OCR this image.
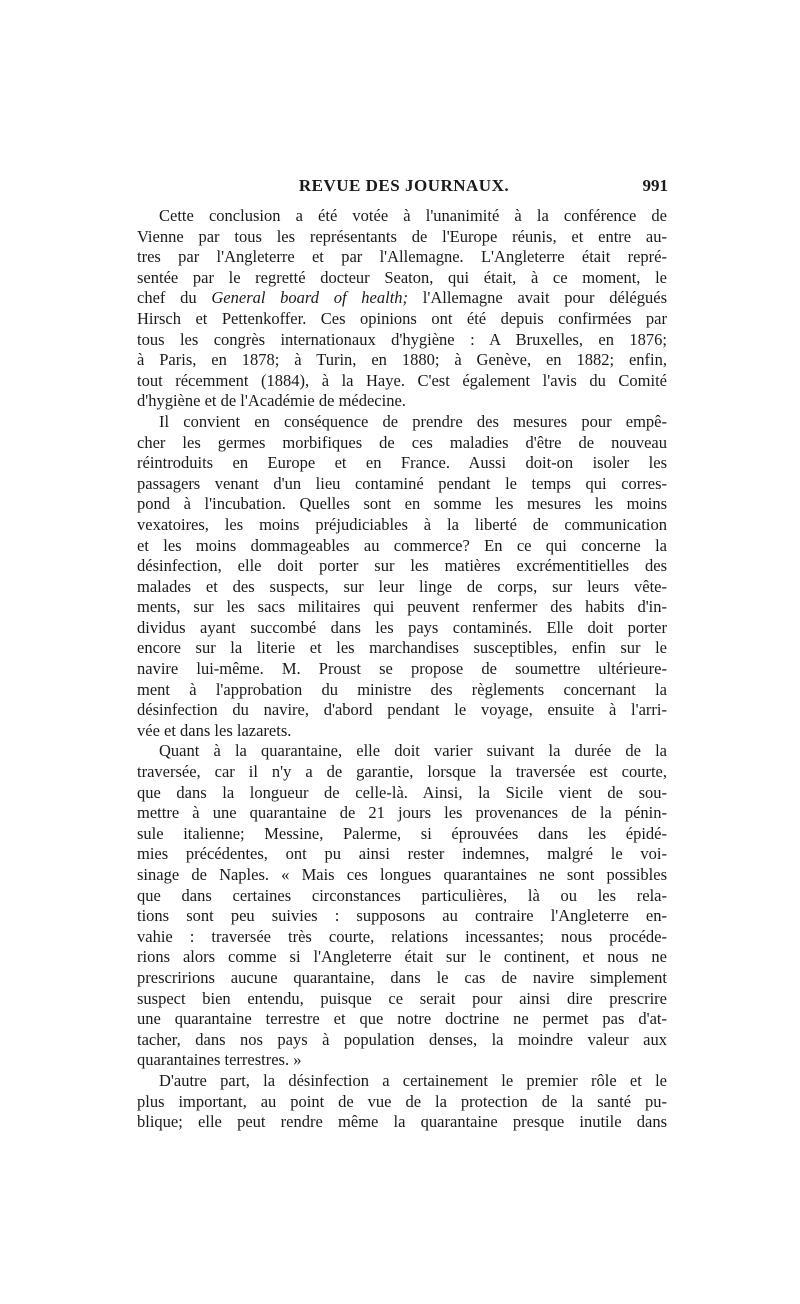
REVUE DES JOURNAUX.	991
Cette conclusion a été votée à l'unanimité à la conférence de
Vienne par tous les représentants de l'Europe réunis, et entre au-
tres par l'Angleterre et par l'Allemagne. L'Angleterre était repré-
sentée par le regretté docteur Seaton, qui était, à ce moment, le
chef du General board of health; l'Allemagne avait pour délégués
Hirsch et Pettenkoffer. Ces opinions ont été depuis confirmées par
tous les congrès internationaux d'hygiène : A Bruxelles, en 1876;
à Paris, en 1878; à Turin, en 1880; à Genève, en 1882; enfin,
tout récemment (1884), à la Haye. C'est également l'avis du Comité
d'hygiène et de l'Académie de médecine.
Il convient en conséquence de prendre des mesures pour empê-
cher les germes morbifiques de ces maladies d'être de nouveau
réintroduits en Europe et en France. Aussi doit-on isoler les
passagers venant d'un lieu contaminé pendant le temps qui corres-
pond à l'incubation. Quelles sont en somme les mesures les moins
vexatoires, les moins préjudiciables à la liberté de communication
et les moins dommageables au commerce? En ce qui concerne la
désinfection, elle doit porter sur les matières excrémentitielles des
malades et des suspects, sur leur linge de corps, sur leurs vête-
ments, sur les sacs militaires qui peuvent renfermer des habits d'in-
dividus ayant succombé dans les pays contaminés. Elle doit porter
encore sur la literie et les marchandises susceptibles, enfin sur le
navire lui-même. M. Proust se propose de soumettre ultérieure-
ment à l'approbation du ministre des règlements concernant la
désinfection du navire, d'abord pendant le voyage, ensuite à l'arri-
vée et dans les lazarets.
Quant à la quarantaine, elle doit varier suivant la durée de la
traversée, car il n'y a de garantie, lorsque la traversée est courte,
que dans la longueur de celle-là. Ainsi, la Sicile vient de sou-
mettre à une quarantaine de 21 jours les provenances de la pénin-
sule italienne; Messine, Palerme, si éprouvées dans les épidé-
mies précédentes, ont pu ainsi rester indemnes, malgré le voi-
sinage de Naples. « Mais ces longues quarantaines ne sont possibles
que dans certaines circonstances particulières, là ou les rela-
tions sont peu suivies : supposons au contraire l'Angleterre en-
vahie : traversée très courte, relations incessantes; nous procéde-
rions alors comme si l'Angleterre était sur le continent, et nous ne
prescririons aucune quarantaine, dans le cas de navire simplement
suspect bien entendu, puisque ce serait pour ainsi dire prescrire
une quarantaine terrestre et que notre doctrine ne permet pas d'at-
tacher, dans nos pays à population denses, la moindre valeur aux
quarantaines terrestres. »
D'autre part, la désinfection a certainement le premier rôle et le
plus important, au point de vue de la protection de la santé pu-
blique; elle peut rendre même la quarantaine presque inutile dans
